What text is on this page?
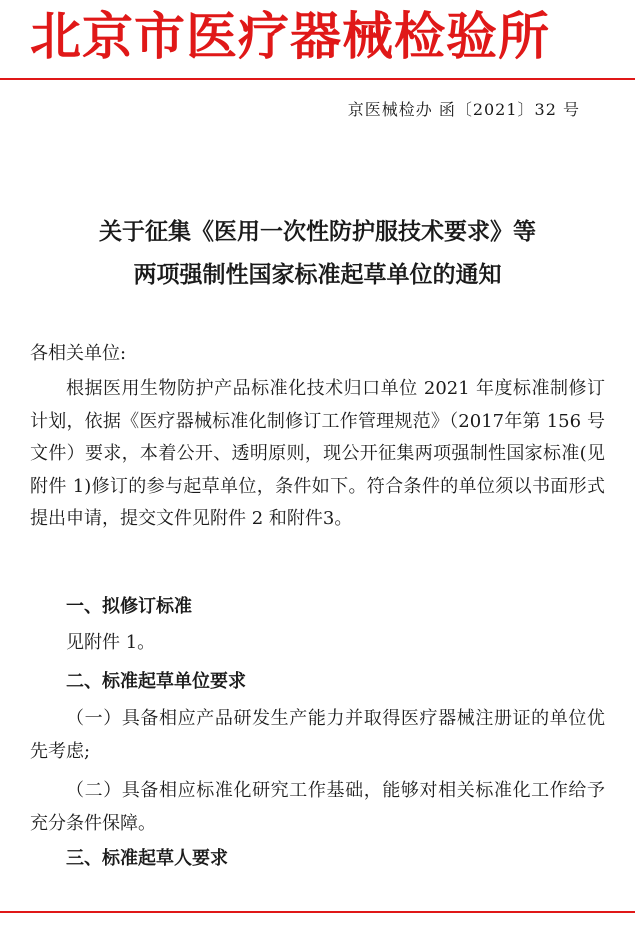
北京市医疗器械检验所
京医械检办 函〔2021〕32 号
关于征集《医用一次性防护服技术要求》等
两项强制性国家标准起草单位的通知
各相关单位:

根据医用生物防护产品标准化技术归口单位 2021 年度标准制修订计划，依据《医疗器械标准化制修订工作管理规范》（2017年第 156 号文件）要求，本着公开、透明原则，现公开征集两项强制性国家标准(见附件 1)修订的参与起草单位，条件如下。符合条件的单位须以书面形式提出申请，提交文件见附件 2 和附件3。

一、拟修订标准
见附件 1。
二、标准起草单位要求

（一）具备相应产品研发生产能力并取得医疗器械注册证的单位优先考虑;

（二）具备相应标准化研究工作基础，能够对相关标准化工作给予充分条件保障。

三、标准起草人要求
